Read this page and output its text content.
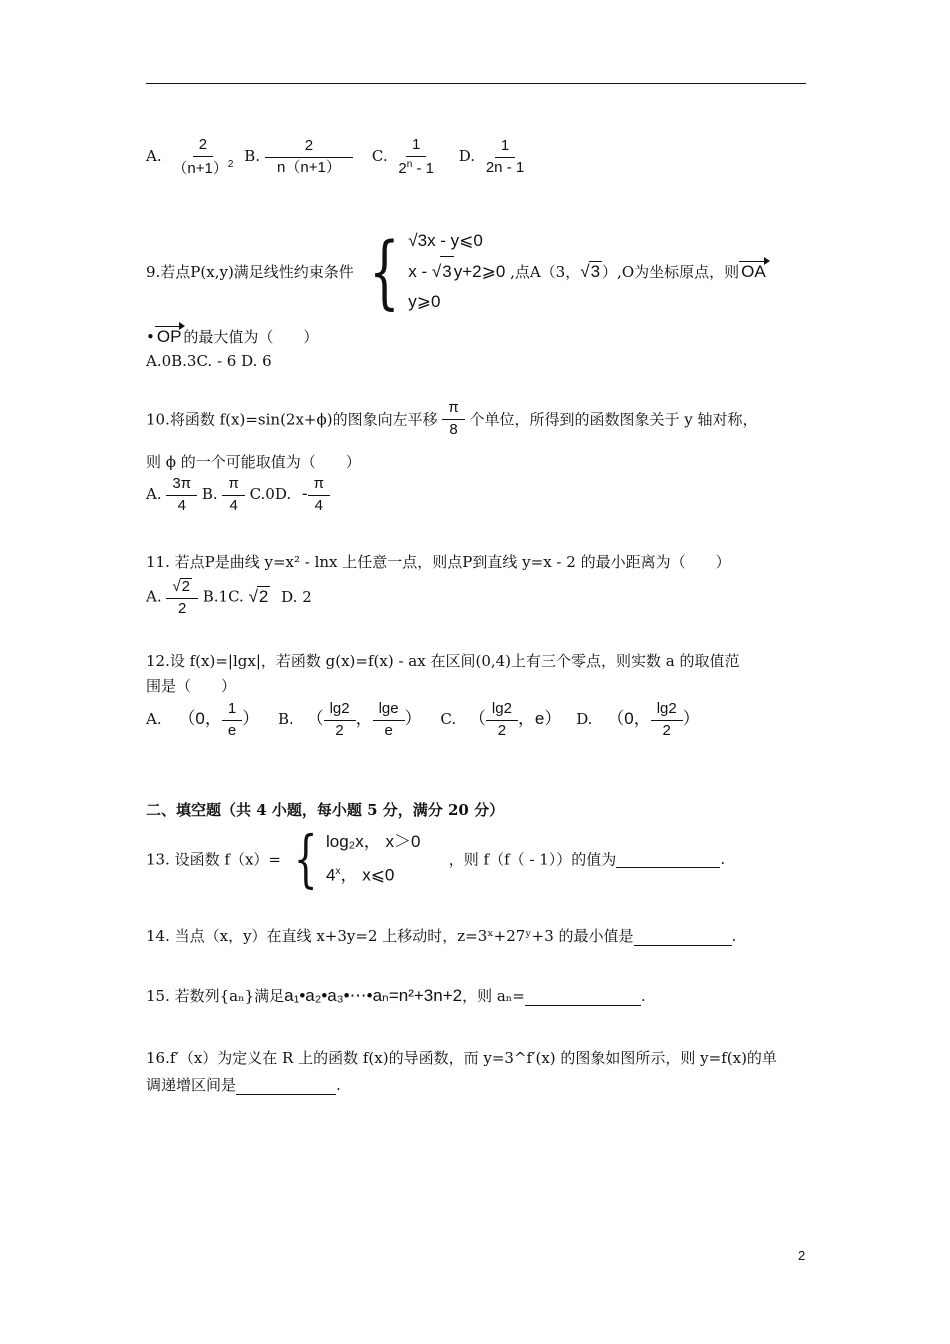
A. $\frac{2}{(n+1)^2} B$. $\frac{2}{n(n+1)} C$. $\frac{1}{2^n - 1} D$. $\frac{1}{2n - 1}$
9.若点P(x,y)满足线性约束条件 { √3x - y⩽0
x - √3 y+2⩾0
y⩾0
,点A（3，√3 ）,O为坐标原点，则 OA
• OP 的最大值为（　　）
A.0B.3C. - 6 D. 6
10.将函数 f(x)=sin(2x+ϕ)的图象向左平移 $\frac{\pi}{8}$ 个单位，所得到的函数图象关于 y 轴对称，
则 ϕ 的一个可能取值为（　　）
A. $\frac{3\pi}{4} B$. $\frac{\pi}{4} C.0D$. - $\frac{\pi}{4}$
11. 若点P是曲线 y=x² - lnx 上任意一点，则点P到直线 y=x - 2 的最小距离为（　　）
A. $\frac{√2}{2} B.1C$. √2 D. 2
12.设 f(x)=|lgx|，若函数 g(x)=f(x) - ax 在区间(0,4)上有三个零点，则实数 a 的取值范
围是（　　）
A. （0， $\frac{1}{e}$ ） B. （ $\frac{\lg 2}{2}$ ， $\frac{\lg e}{e}$ ） C. （ $\frac{\lg 2}{2}$ ，e） D. （0， $\frac{\lg 2}{2}$ ）
二、填空题（共 4 小题，每小题 5 分，满分 20 分）
13. 设函数 f（x）= { log₂x， x＞0
4$^x$， x⩽0
，则 f（f（ - 1））的值为	.
14. 当点（x，y）在直线 x+3y=2 上移动时，z=3ˣ+27ʸ+3 的最小值是	.
15. 若数列{aₙ}满足a₁•a₂•a₃•⋯•aₙ=n²+3n+2，则 aₙ=	.
16.f′（x）为定义在 R 上的函数 f(x)的导函数，而 y=3^f′(x) 的图象如图所示，则 y=f(x)的单
调递增区间是	.
2
